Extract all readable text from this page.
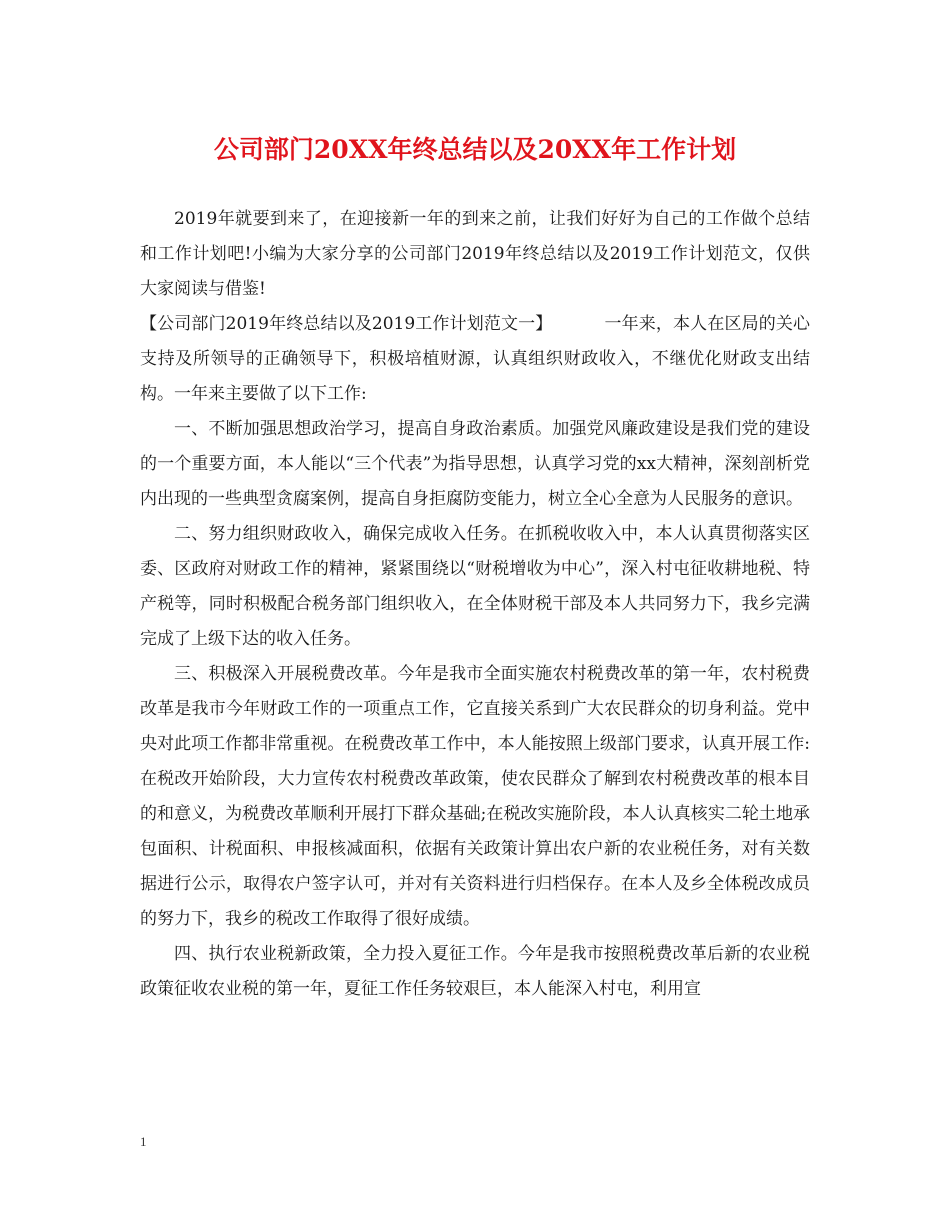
公司部门20XX年终总结以及20XX年工作计划

2019年就要到来了，在迎接新一年的到来之前，让我们好好为自己的工作做个总结和工作计划吧!小编为大家分享的公司部门2019年终总结以及2019工作计划范文，仅供大家阅读与借鉴!

【公司部门2019年终总结以及2019工作计划范文一】	一年来，本人在区局的关心支持及所领导的正确领导下，积极培植财源，认真组织财政收入，不继优化财政支出结构。一年来主要做了以下工作:

一、不断加强思想政治学习，提高自身政治素质。加强党风廉政建设是我们党的建设的一个重要方面，本人能以“三个代表”为指导思想，认真学习党的xx大精神，深刻剖析党内出现的一些典型贪腐案例，提高自身拒腐防变能力，树立全心全意为人民服务的意识。

二、努力组织财政收入，确保完成收入任务。在抓税收收入中，本人认真贯彻落实区委、区政府对财政工作的精神，紧紧围绕以“财税增收为中心”，深入村屯征收耕地税、特产税等，同时积极配合税务部门组织收入，在全体财税干部及本人共同努力下，我乡完满完成了上级下达的收入任务。

三、积极深入开展税费改革。今年是我市全面实施农村税费改革的第一年，农村税费改革是我市今年财政工作的一项重点工作，它直接关系到广大农民群众的切身利益。党中央对此项工作都非常重视。在税费改革工作中，本人能按照上级部门要求，认真开展工作:在税改开始阶段，大力宣传农村税费改革政策，使农民群众了解到农村税费改革的根本目的和意义，为税费改革顺利开展打下群众基础;在税改实施阶段，本人认真核实二轮土地承包面积、计税面积、申报核减面积，依据有关政策计算出农户新的农业税任务，对有关数据进行公示，取得农户签字认可，并对有关资料进行归档保存。在本人及乡全体税改成员的努力下，我乡的税改工作取得了很好成绩。

四、执行农业税新政策，全力投入夏征工作。今年是我市按照税费改革后新的农业税政策征收农业税的第一年，夏征工作任务较艰巨，本人能深入村屯，利用宣

1
